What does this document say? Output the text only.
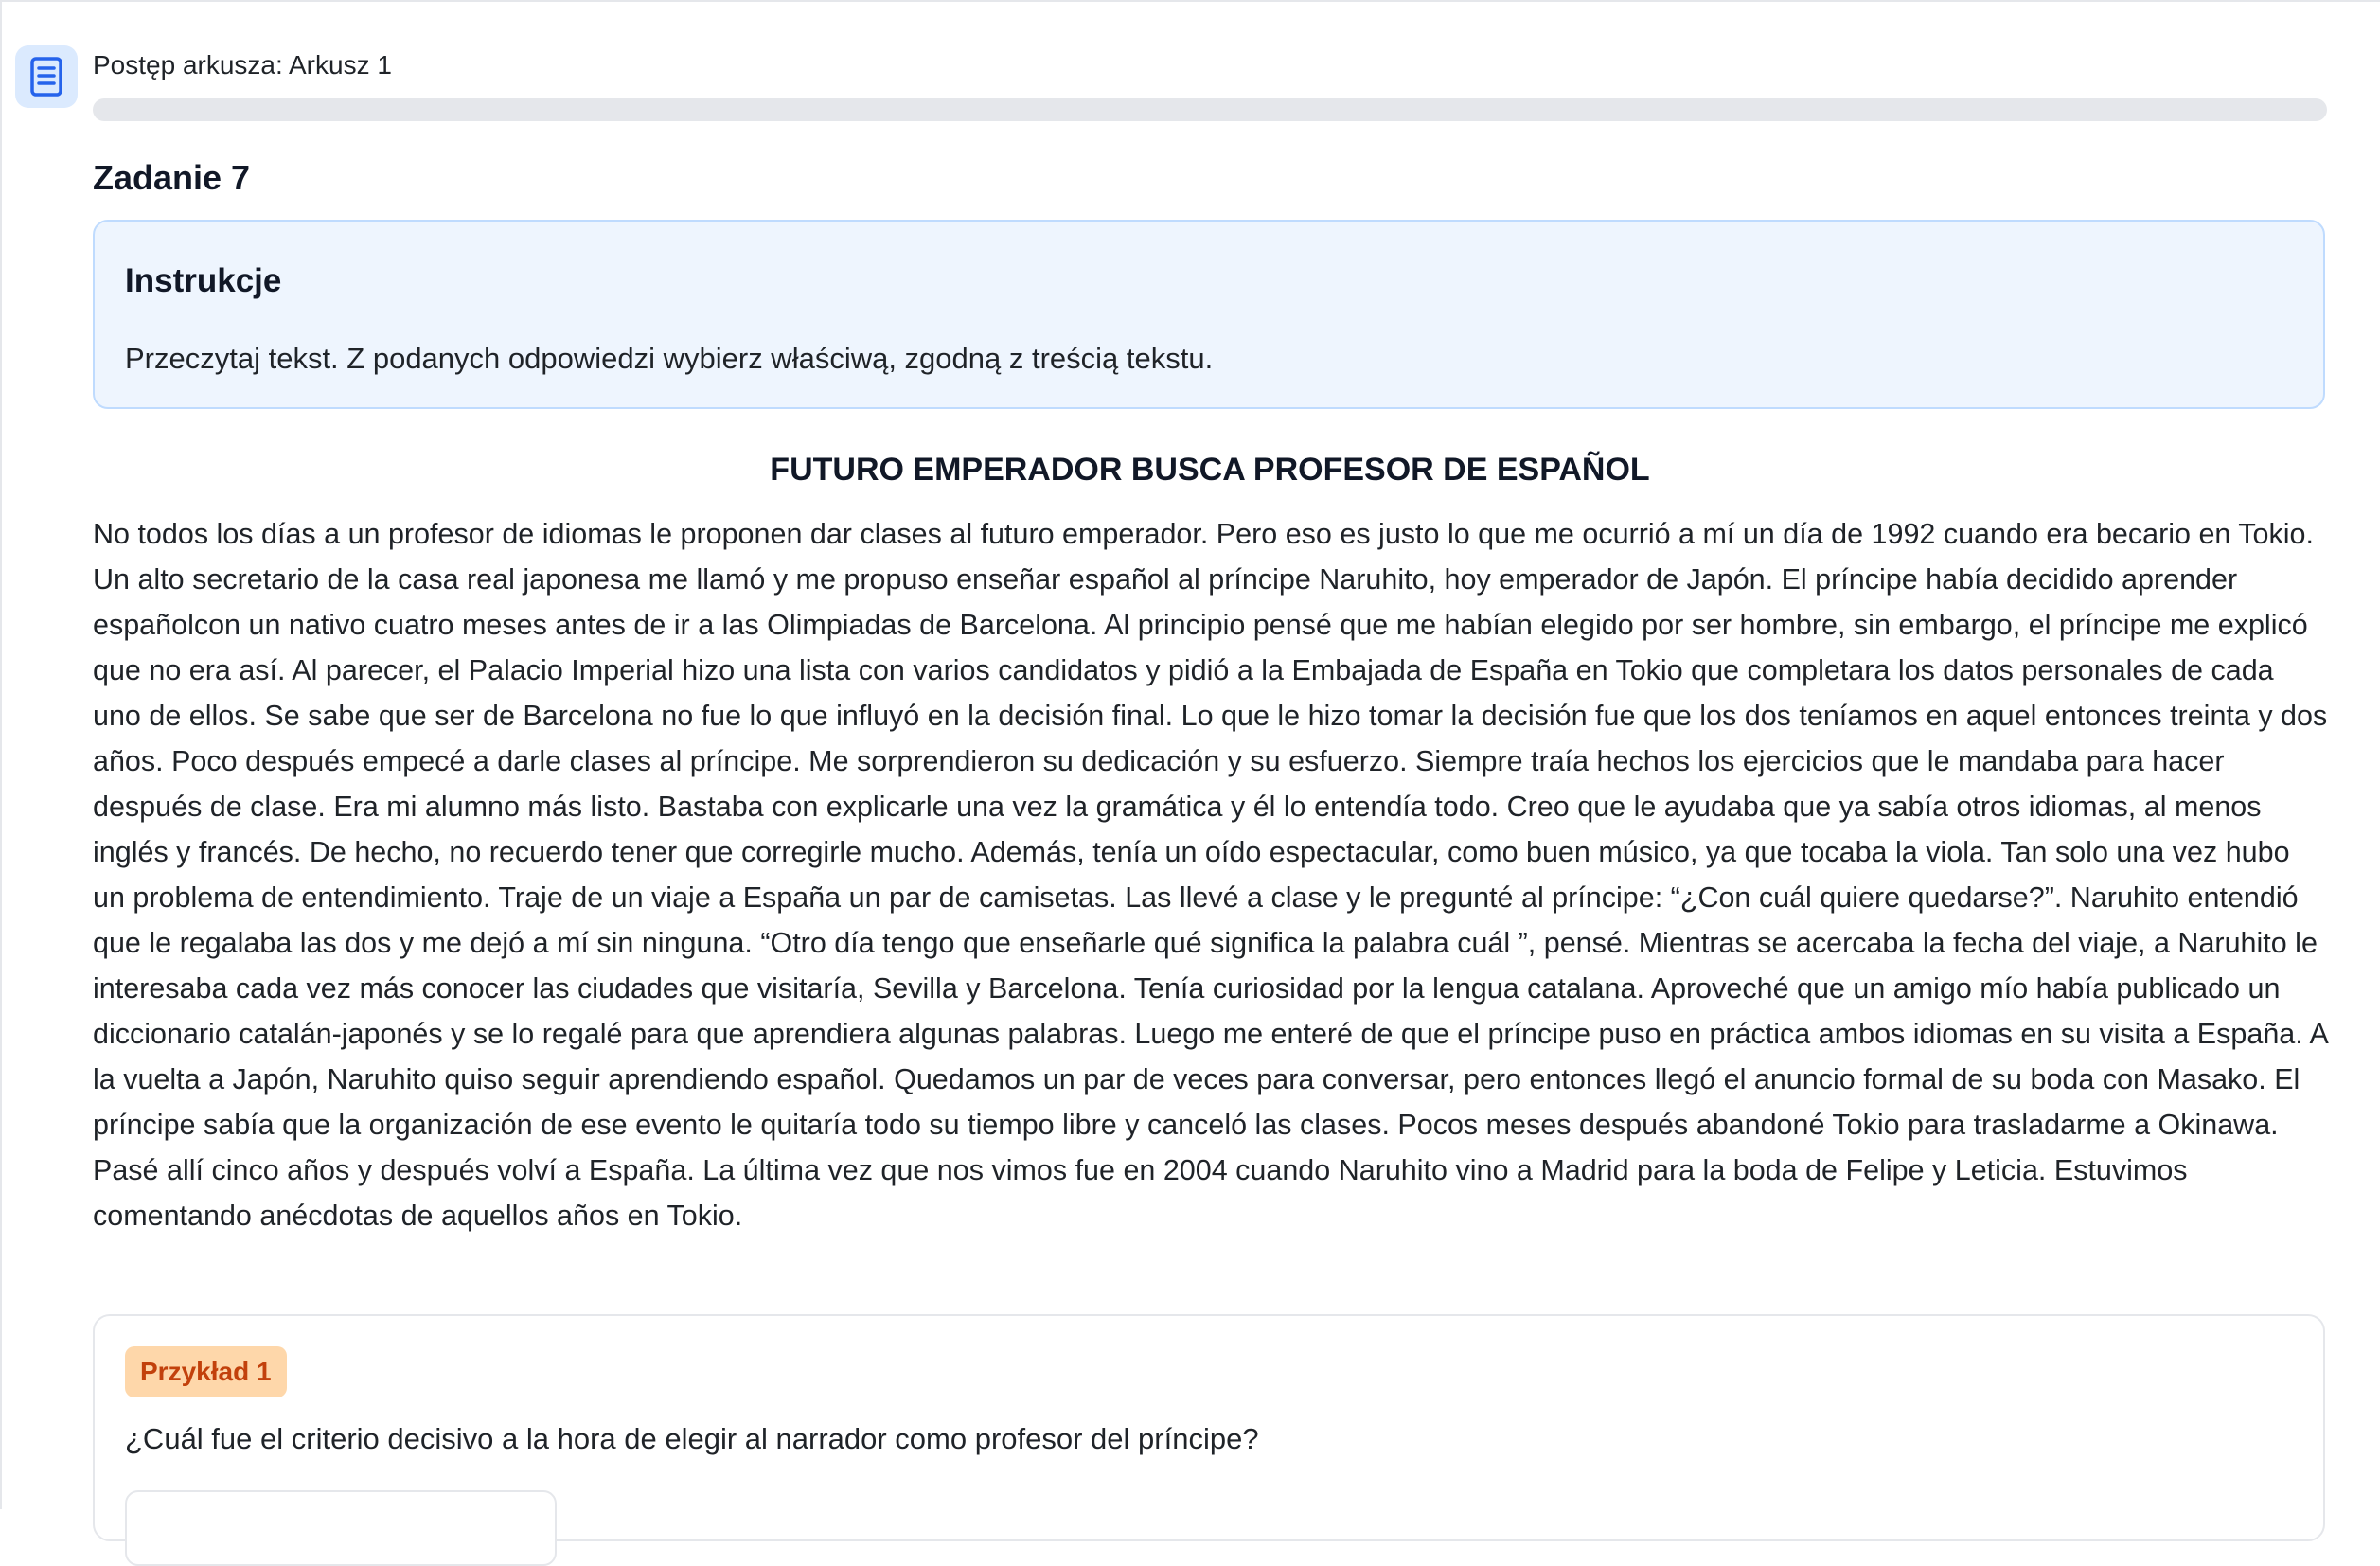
Postęp arkusza: Arkusz 1
Zadanie 7
Instrukcje
Przeczytaj tekst. Z podanych odpowiedzi wybierz właściwą, zgodną z treścią tekstu.
FUTURO EMPERADOR BUSCA PROFESOR DE ESPAÑOL

No todos los días a un profesor de idiomas le proponen dar clases al futuro emperador. Pero eso es justo lo que me ocurrió a mí un día de 1992 cuando era becario en Tokio. Un alto secretario de la casa real japonesa me llamó y me propuso enseñar español al príncipe Naruhito, hoy emperador de Japón. El príncipe había decidido aprender españolcon un nativo cuatro meses antes de ir a las Olimpiadas de Barcelona. Al principio pensé que me habían elegido por ser hombre, sin embargo, el príncipe me explicó que no era así. Al parecer, el Palacio Imperial hizo una lista con varios candidatos y pidió a la Embajada de España en Tokio que completara los datos personales de cada uno de ellos. Se sabe que ser de Barcelona no fue lo que influyó en la decisión final. Lo que le hizo tomar la decisión fue que los dos teníamos en aquel entonces treinta y dos años. Poco después empecé a darle clases al príncipe. Me sorprendieron su dedicación y su esfuerzo. Siempre traía hechos los ejercicios que le mandaba para hacer después de clase. Era mi alumno más listo. Bastaba con explicarle una vez la gramática y él lo entendía todo. Creo que le ayudaba que ya sabía otros idiomas, al menos inglés y francés. De hecho, no recuerdo tener que corregirle mucho. Además, tenía un oído espectacular, como buen músico, ya que tocaba la viola. Tan solo una vez hubo un problema de entendimiento. Traje de un viaje a España un par de camisetas. Las llevé a clase y le pregunté al príncipe: “¿Con cuál quiere quedarse?”. Naruhito entendió que le regalaba las dos y me dejó a mí sin ninguna. “Otro día tengo que enseñarle qué significa la palabra cuál ”, pensé. Mientras se acercaba la fecha del viaje, a Naruhito le interesaba cada vez más conocer las ciudades que visitaría, Sevilla y Barcelona. Tenía curiosidad por la lengua catalana. Aproveché que un amigo mío había publicado un diccionario catalán-japonés y se lo regalé para que aprendiera algunas palabras. Luego me enteré de que el príncipe puso en práctica ambos idiomas en su visita a España. A la vuelta a Japón, Naruhito quiso seguir aprendiendo español. Quedamos un par de veces para conversar, pero entonces llegó el anuncio formal de su boda con Masako. El príncipe sabía que la organización de ese evento le quitaría todo su tiempo libre y canceló las clases. Pocos meses después abandoné Tokio para trasladarme a Okinawa. Pasé allí cinco años y después volví a España. La última vez que nos vimos fue en 2004 cuando Naruhito vino a Madrid para la boda de Felipe y Leticia. Estuvimos comentando anécdotas de aquellos años en Tokio.

Przykład 1
¿Cuál fue el criterio decisivo a la hora de elegir al narrador como profesor del príncipe?
